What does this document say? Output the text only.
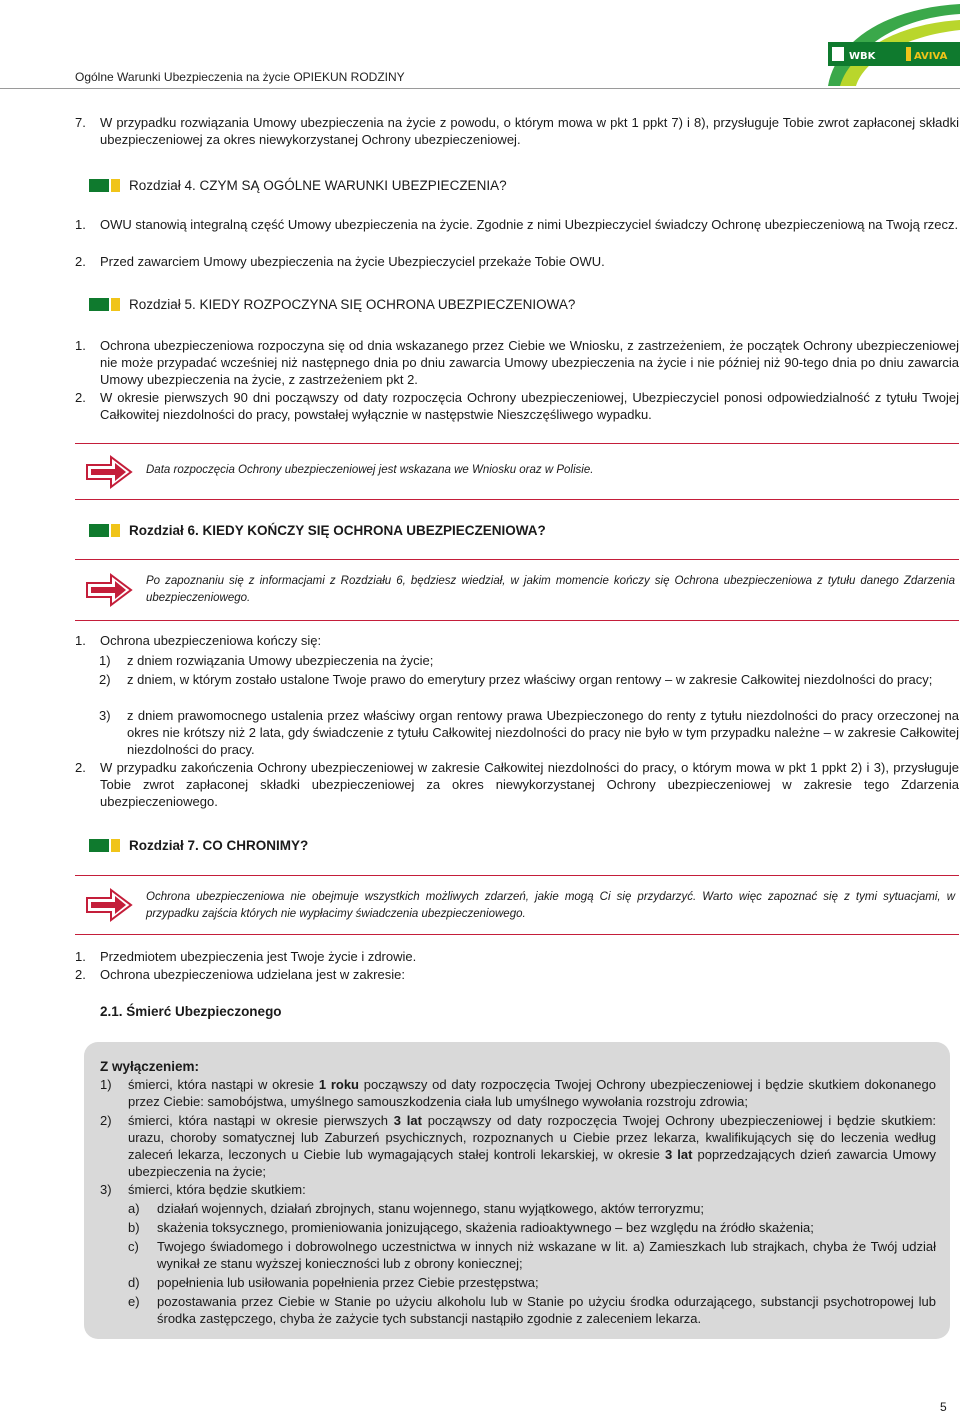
Ogólne Warunki Ubezpieczenia na życie OPIEKUN RODZINY
WBK	AVIVA
7. W przypadku rozwiązania Umowy ubezpieczenia na życie z powodu, o którym mowa w pkt 1 ppkt 7) i 8), przysługuje Tobie zwrot zapłaconej składki ubezpieczeniowej za okres niewykorzystanej Ochrony ubezpieczeniowej.
Rozdział 4. CZYM SĄ OGÓLNE WARUNKI UBEZPIECZENIA?
1. OWU stanowią integralną część Umowy ubezpieczenia na życie. Zgodnie z nimi Ubezpieczyciel świadczy Ochronę ubezpieczeniową na Twoją rzecz.
2. Przed zawarciem Umowy ubezpieczenia na życie Ubezpieczyciel przekaże Tobie OWU.
Rozdział 5. KIEDY ROZPOCZYNA SIĘ OCHRONA UBEZPIECZENIOWA?
1. Ochrona ubezpieczeniowa rozpoczyna się od dnia wskazanego przez Ciebie we Wniosku, z zastrzeżeniem, że początek Ochrony ubezpieczeniowej nie może przypadać wcześniej niż następnego dnia po dniu zawarcia Umowy ubezpieczenia na życie i nie później niż 90-tego dnia po dniu zawarcia Umowy ubezpieczenia na życie, z zastrzeżeniem pkt 2.
2. W okresie pierwszych 90 dni począwszy od daty rozpoczęcia Ochrony ubezpieczeniowej, Ubezpieczyciel ponosi odpowiedzialność z tytułu Twojej Całkowitej niezdolności do pracy, powstałej wyłącznie w następstwie Nieszczęśliwego wypadku.
Data rozpoczęcia Ochrony ubezpieczeniowej jest wskazana we Wniosku oraz w Polisie.
Rozdział 6. KIEDY KOŃCZY SIĘ OCHRONA UBEZPIECZENIOWA?
Po zapoznaniu się z informacjami z Rozdziału 6, będziesz wiedział, w jakim momencie kończy się Ochrona ubezpieczeniowa z tytułu danego Zdarzenia ubezpieczeniowego.
1. Ochrona ubezpieczeniowa kończy się:
1) z dniem rozwiązania Umowy ubezpieczenia na życie;
2) z dniem, w którym zostało ustalone Twoje prawo do emerytury przez właściwy organ rentowy – w zakresie Całkowitej niezdolności do pracy;
3) z dniem prawomocnego ustalenia przez właściwy organ rentowy prawa Ubezpieczonego do renty z tytułu niezdolności do pracy orzeczonej na okres nie krótszy niż 2 lata, gdy świadczenie z tytułu Całkowitej niezdolności do pracy nie było w tym przypadku należne – w zakresie Całkowitej niezdolności do pracy.
2. W przypadku zakończenia Ochrony ubezpieczeniowej w zakresie Całkowitej niezdolności do pracy, o którym mowa w pkt 1 ppkt 2) i 3), przysługuje Tobie zwrot zapłaconej składki ubezpieczeniowej za okres niewykorzystanej Ochrony ubezpieczeniowej w zakresie tego Zdarzenia ubezpieczeniowego.
Rozdział 7. CO CHRONIMY?
Ochrona ubezpieczeniowa nie obejmuje wszystkich możliwych zdarzeń, jakie mogą Ci się przydarzyć. Warto więc zapoznać się z tymi sytuacjami, w przypadku zajścia których nie wypłacimy świadczenia ubezpieczeniowego.
1. Przedmiotem ubezpieczenia jest Twoje życie i zdrowie.
2. Ochrona ubezpieczeniowa udzielana jest w zakresie:
2.1. Śmierć Ubezpieczonego
Z wyłączeniem:
1) śmierci, która nastąpi w okresie 1 roku począwszy od daty rozpoczęcia Twojej Ochrony ubezpieczeniowej i będzie skutkiem dokonanego przez Ciebie: samobójstwa, umyślnego samouszkodzenia ciała lub umyślnego wywołania rozstroju zdrowia;
2) śmierci, która nastąpi w okresie pierwszych 3 lat począwszy od daty rozpoczęcia Twojej Ochrony ubezpieczeniowej i będzie skutkiem: urazu, choroby somatycznej lub Zaburzeń psychicznych, rozpoznanych u Ciebie przez lekarza, kwalifikujących się do leczenia według zaleceń lekarza, leczonych u Ciebie lub wymagających stałej kontroli lekarskiej, w okresie 3 lat poprzedzających dzień zawarcia Umowy ubezpieczenia na życie;
3) śmierci, która będzie skutkiem:
a) działań wojennych, działań zbrojnych, stanu wojennego, stanu wyjątkowego, aktów terroryzmu;
b) skażenia toksycznego, promieniowania jonizującego, skażenia radioaktywnego – bez względu na źródło skażenia;
c) Twojego świadomego i dobrowolnego uczestnictwa w innych niż wskazane w lit. a) Zamieszkach lub strajkach, chyba że Twój udział wynikał ze stanu wyższej konieczności lub z obrony koniecznej;
d) popełnienia lub usiłowania popełnienia przez Ciebie przestępstwa;
e) pozostawania przez Ciebie w Stanie po użyciu alkoholu lub w Stanie po użyciu środka odurzającego, substancji psychotropowej lub środka zastępczego, chyba że zażycie tych substancji nastąpiło zgodnie z zaleceniem lekarza.
5
